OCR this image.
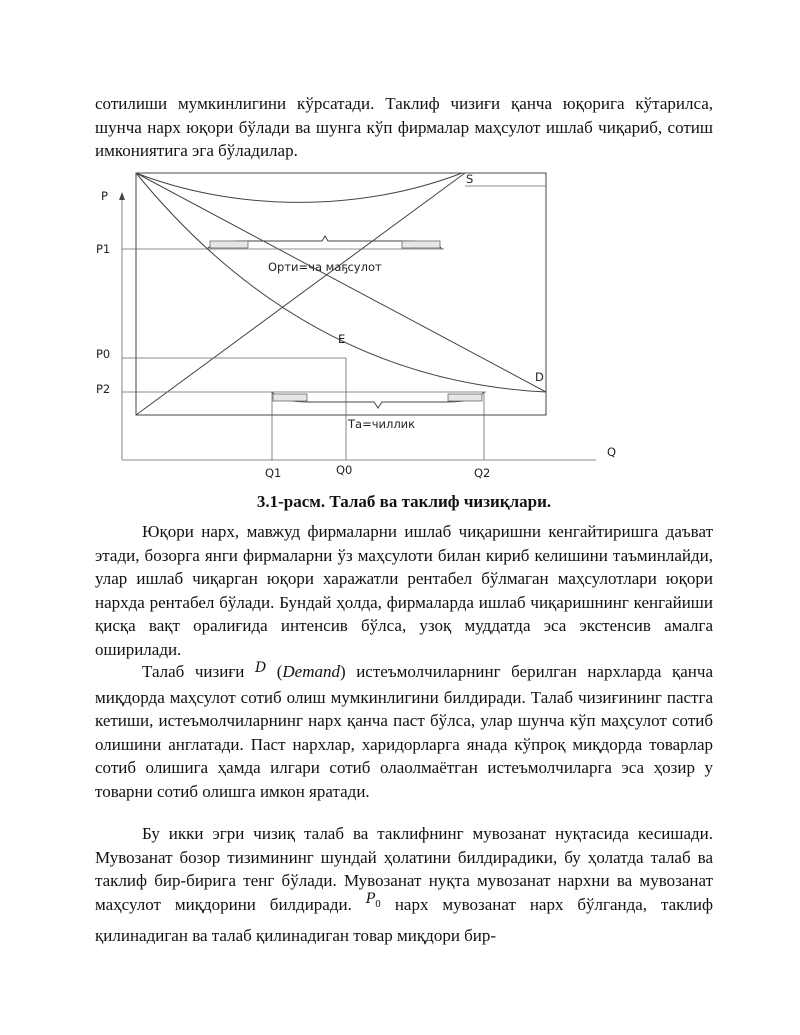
сотилиши мумкинлигини кўрсатади. Таклиф чизиғи қанча юқорига кўтарилса, шунча нарх юқори бўлади ва шунга кўп фирмалар маҳсулот ишлаб чиқариб, сотиш имкониятига эга бўладилар.

P
Q
S
D
E
P1
P0
P2
Q1	Q0	Q2
Орти=ча маҕсулот
Та=чиллик

3.1-расм. Талаб ва таклиф чизиқлари.

Юқори нарх, мавжуд фирмаларни ишлаб чиқаришни кенгайтиришга даъват этади, бозорга янги фирмаларни ўз маҳсулоти билан кириб келишини таъминлайди, улар ишлаб чиқарган юқори харажатли рентабел бўлмаган маҳсулотлари юқори нархда рентабел бўлади. Бундай ҳолда, фирмаларда ишлаб чиқаришнинг кенгайиши қисқа вақт оралиғида интенсив бўлса, узоқ муддатда эса экстенсив амалга оширилади.

Талаб чизиғи $^D$ (Demand) истеъмолчиларнинг берилган нархларда қанча миқдорда маҳсулот сотиб олиш мумкинлигини билдиради. Талаб чизиғининг пастга кетиши, истеъмолчиларнинг нарх қанча паст бўлса, улар шунча кўп маҳсулот сотиб олишини англатади. Паст нархлар, харидорларга янада кўпроқ миқдорда товарлар сотиб олишига ҳамда илгари сотиб олаолмаётган истеъмолчиларга эса ҳозир у товарни сотиб олишга имкон яратади.

Бу икки эгри чизиқ талаб ва таклифнинг мувозанат нуқтасида кесишади. Мувозанат бозор тизимининг шундай ҳолатини билдирадики, бу ҳолатда талаб ва таклиф бир-бирига тенг бўлади. Мувозанат нуқта мувозанат нархни ва мувозанат маҳсулот миқдорини билдиради. $^{P_0}$ нарх мувозанат нарх бўлганда, таклиф қилинадиган ва талаб қилинадиган товар миқдори бир-
